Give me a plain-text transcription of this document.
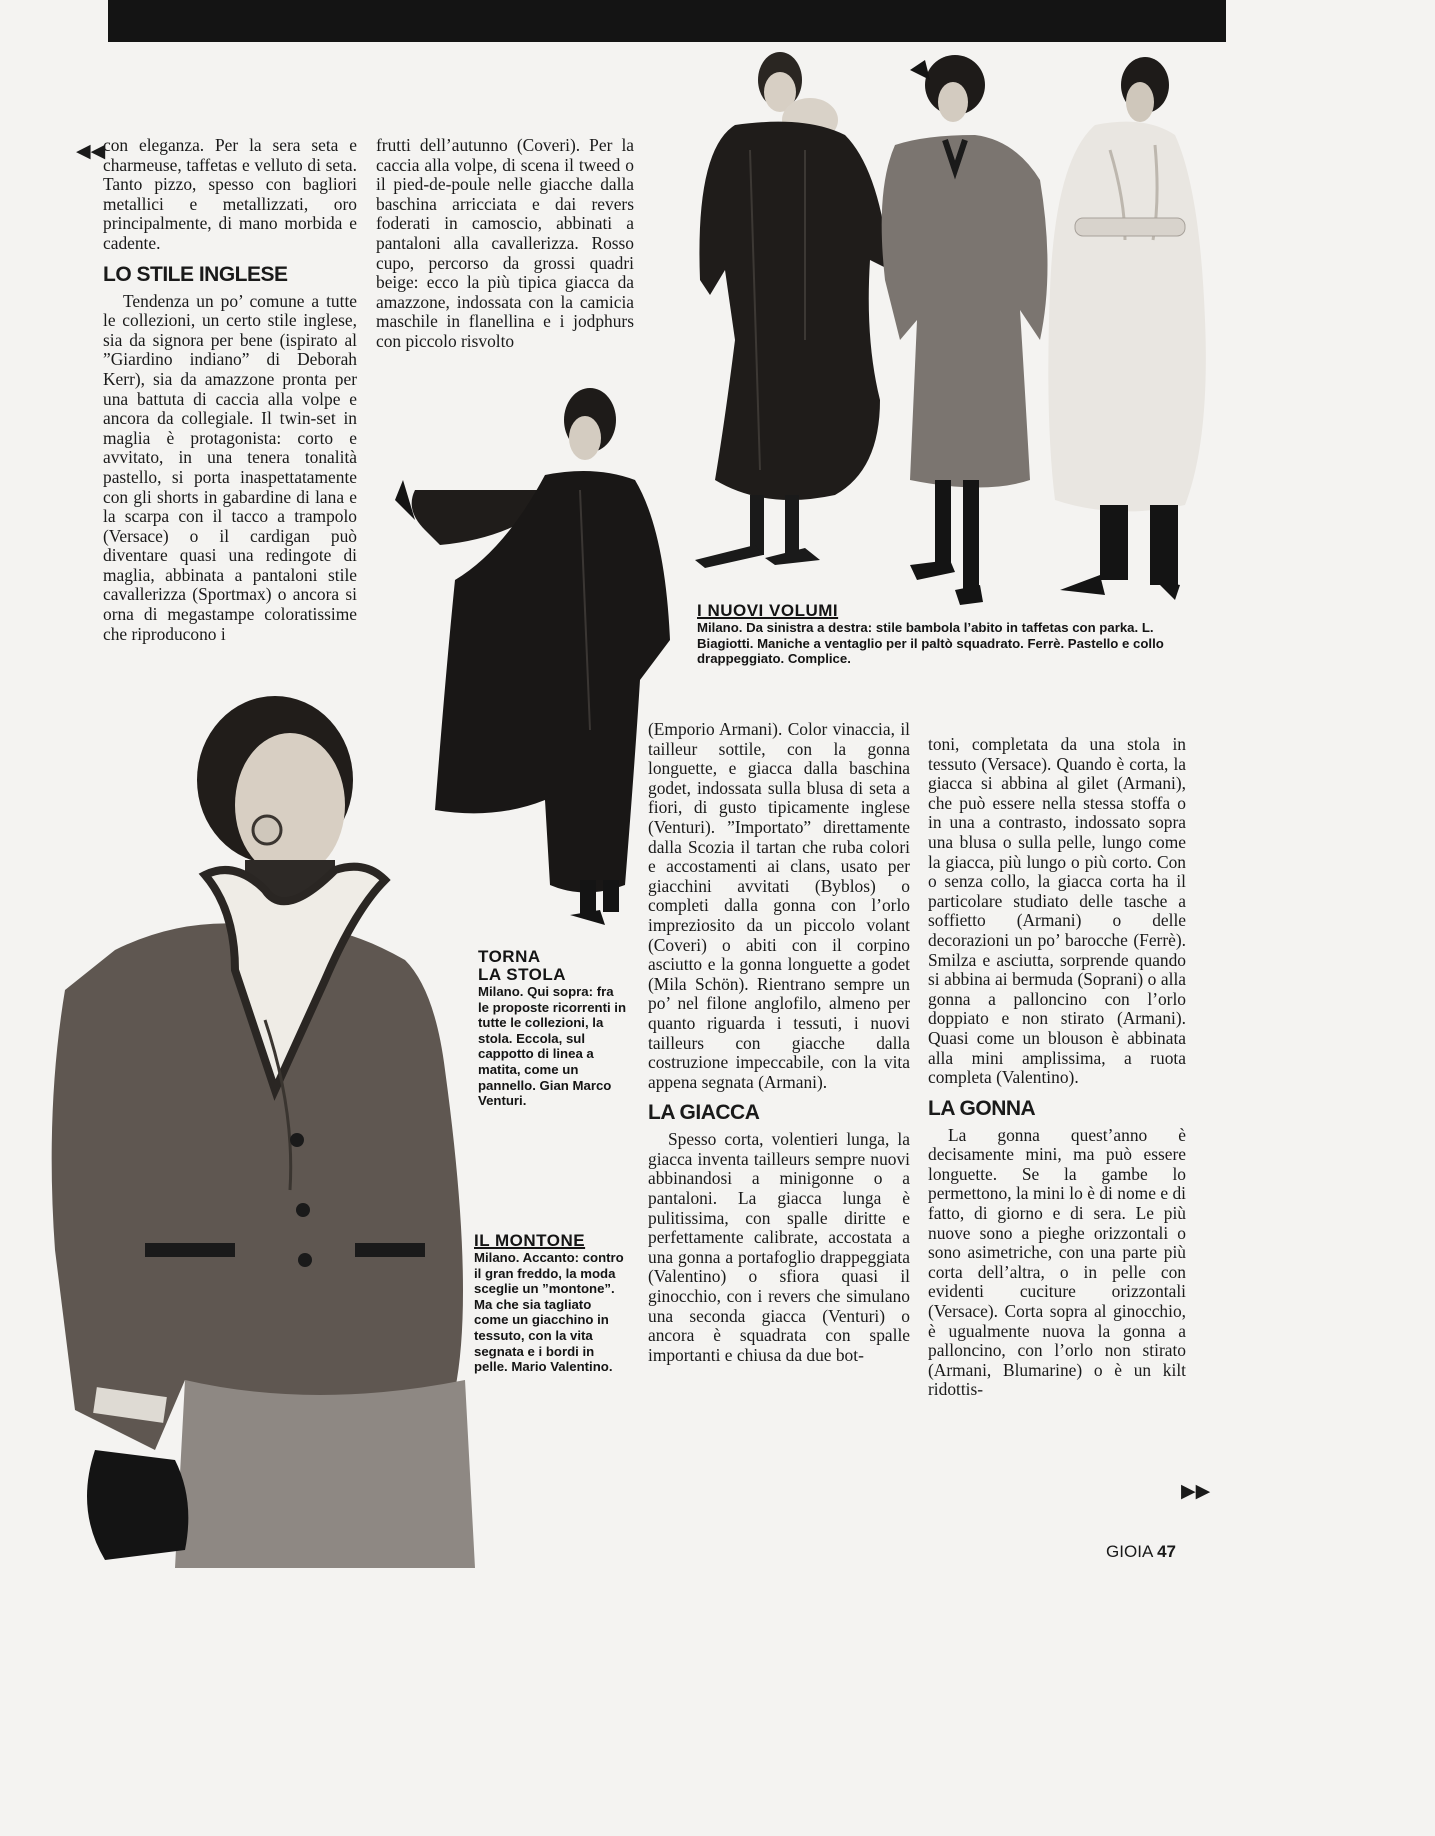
◀◀

con eleganza. Per la sera seta e charmeuse, taffetas e velluto di seta. Tanto pizzo, spesso con bagliori metallici e metallizzati, oro principalmente, di mano morbida e cadente.

LO STILE INGLESE

Tendenza un po’ comune a tutte le collezioni, un certo stile inglese, sia da signora per bene (ispirato al ”Giardino indiano” di Deborah Kerr), sia da amazzone pronta per una battuta di caccia alla volpe e ancora da collegiale. Il twin-set in maglia è protagonista: corto e avvitato, in una tenera tonalità pastello, si porta inaspettatamente con gli shorts in gabardine di lana e la scarpa con il tacco a trampolo (Versace) o il cardigan può diventare quasi una redingote di maglia, abbinata a pantaloni stile cavallerizza (Sportmax) o ancora si orna di megastampe coloratissime che riproducono i

frutti dell’autunno (Coveri). Per la caccia alla volpe, di scena il tweed o il pied-de-poule nelle giacche dalla baschina arricciata e dai revers foderati in camoscio, abbinati a pantaloni alla cavallerizza. Rosso cupo, percorso da grossi quadri beige: ecco la più tipica giacca da amazzone, indossata con la camicia maschile in flanellina e i jodphurs con piccolo risvolto

I NUOVI VOLUMI
Milano. Da sinistra a destra: stile bambola l’abito in taffetas con parka. L. Biagiotti. Maniche a ventaglio per il paltò squadrato. Ferrè. Pastello e collo drappeggiato. Complice.

(Emporio Armani). Color vinaccia, il tailleur sottile, con la gonna longuette, e giacca dalla baschina godet, indossata sulla blusa di seta a fiori, di gusto tipicamente inglese (Venturi). ”Importato” direttamente dalla Scozia il tartan che ruba colori e accostamenti ai clans, usato per giacchini avvitati (Byblos) o completi dalla gonna con l’orlo impreziosito da un piccolo volant (Coveri) o abiti con il corpino asciutto e la gonna longuette a godet (Mila Schön). Rientrano sempre un po’ nel filone anglofilo, almeno per quanto riguarda i tessuti, i nuovi tailleurs con giacche dalla costruzione impeccabile, con la vita appena segnata (Armani).

LA GIACCA

Spesso corta, volentieri lunga, la giacca inventa tailleurs sempre nuovi abbinandosi a minigonne o a pantaloni. La giacca lunga è pulitissima, con spalle diritte e perfettamente calibrate, accostata a una gonna a portafoglio drappeggiata (Valentino) o sfiora quasi il ginocchio, con i revers che simulano una seconda giacca (Venturi) o ancora è squadrata con spalle importanti e chiusa da due bot-

toni, completata da una stola in tessuto (Versace). Quando è corta, la giacca si abbina al gilet (Armani), che può essere nella stessa stoffa o in una a contrasto, indossato sopra una blusa o sulla pelle, lungo come la giacca, più lungo o più corto. Con o senza collo, la giacca corta ha il particolare studiato delle tasche a soffietto (Armani) o delle decorazioni un po’ barocche (Ferrè). Smilza e asciutta, sorprende quando si abbina ai bermuda (Soprani) o alla gonna a palloncino con l’orlo doppiato e non stirato (Armani). Quasi come un blouson è abbinata alla mini amplissima, a ruota completa (Valentino).

LA GONNA

La gonna quest’anno è decisamente mini, ma può essere longuette. Se la gambe lo permettono, la mini lo è di nome e di fatto, di giorno e di sera. Le più nuove sono a pieghe orizzontali o sono asimetriche, con una parte più corta dell’altra, o in pelle con evidenti cuciture orizzontali (Versace). Corta sopra al ginocchio, è ugualmente nuova la gonna a palloncino, con l’orlo non stirato (Armani, Blumarine) o è un kilt ridottis-

▶▶
TORNA
LA STOLA
Milano. Qui sopra: fra le proposte ricorrenti in tutte le collezioni, la stola. Eccola, sul cappotto di linea a matita, come un pannello. Gian Marco Venturi.
IL MONTONE
Milano. Accanto: contro il gran freddo, la moda sceglie un ”montone”. Ma che sia tagliato come un giacchino in tessuto, con la vita segnata e i bordi in pelle. Mario Valentino.
GIOIA 47
